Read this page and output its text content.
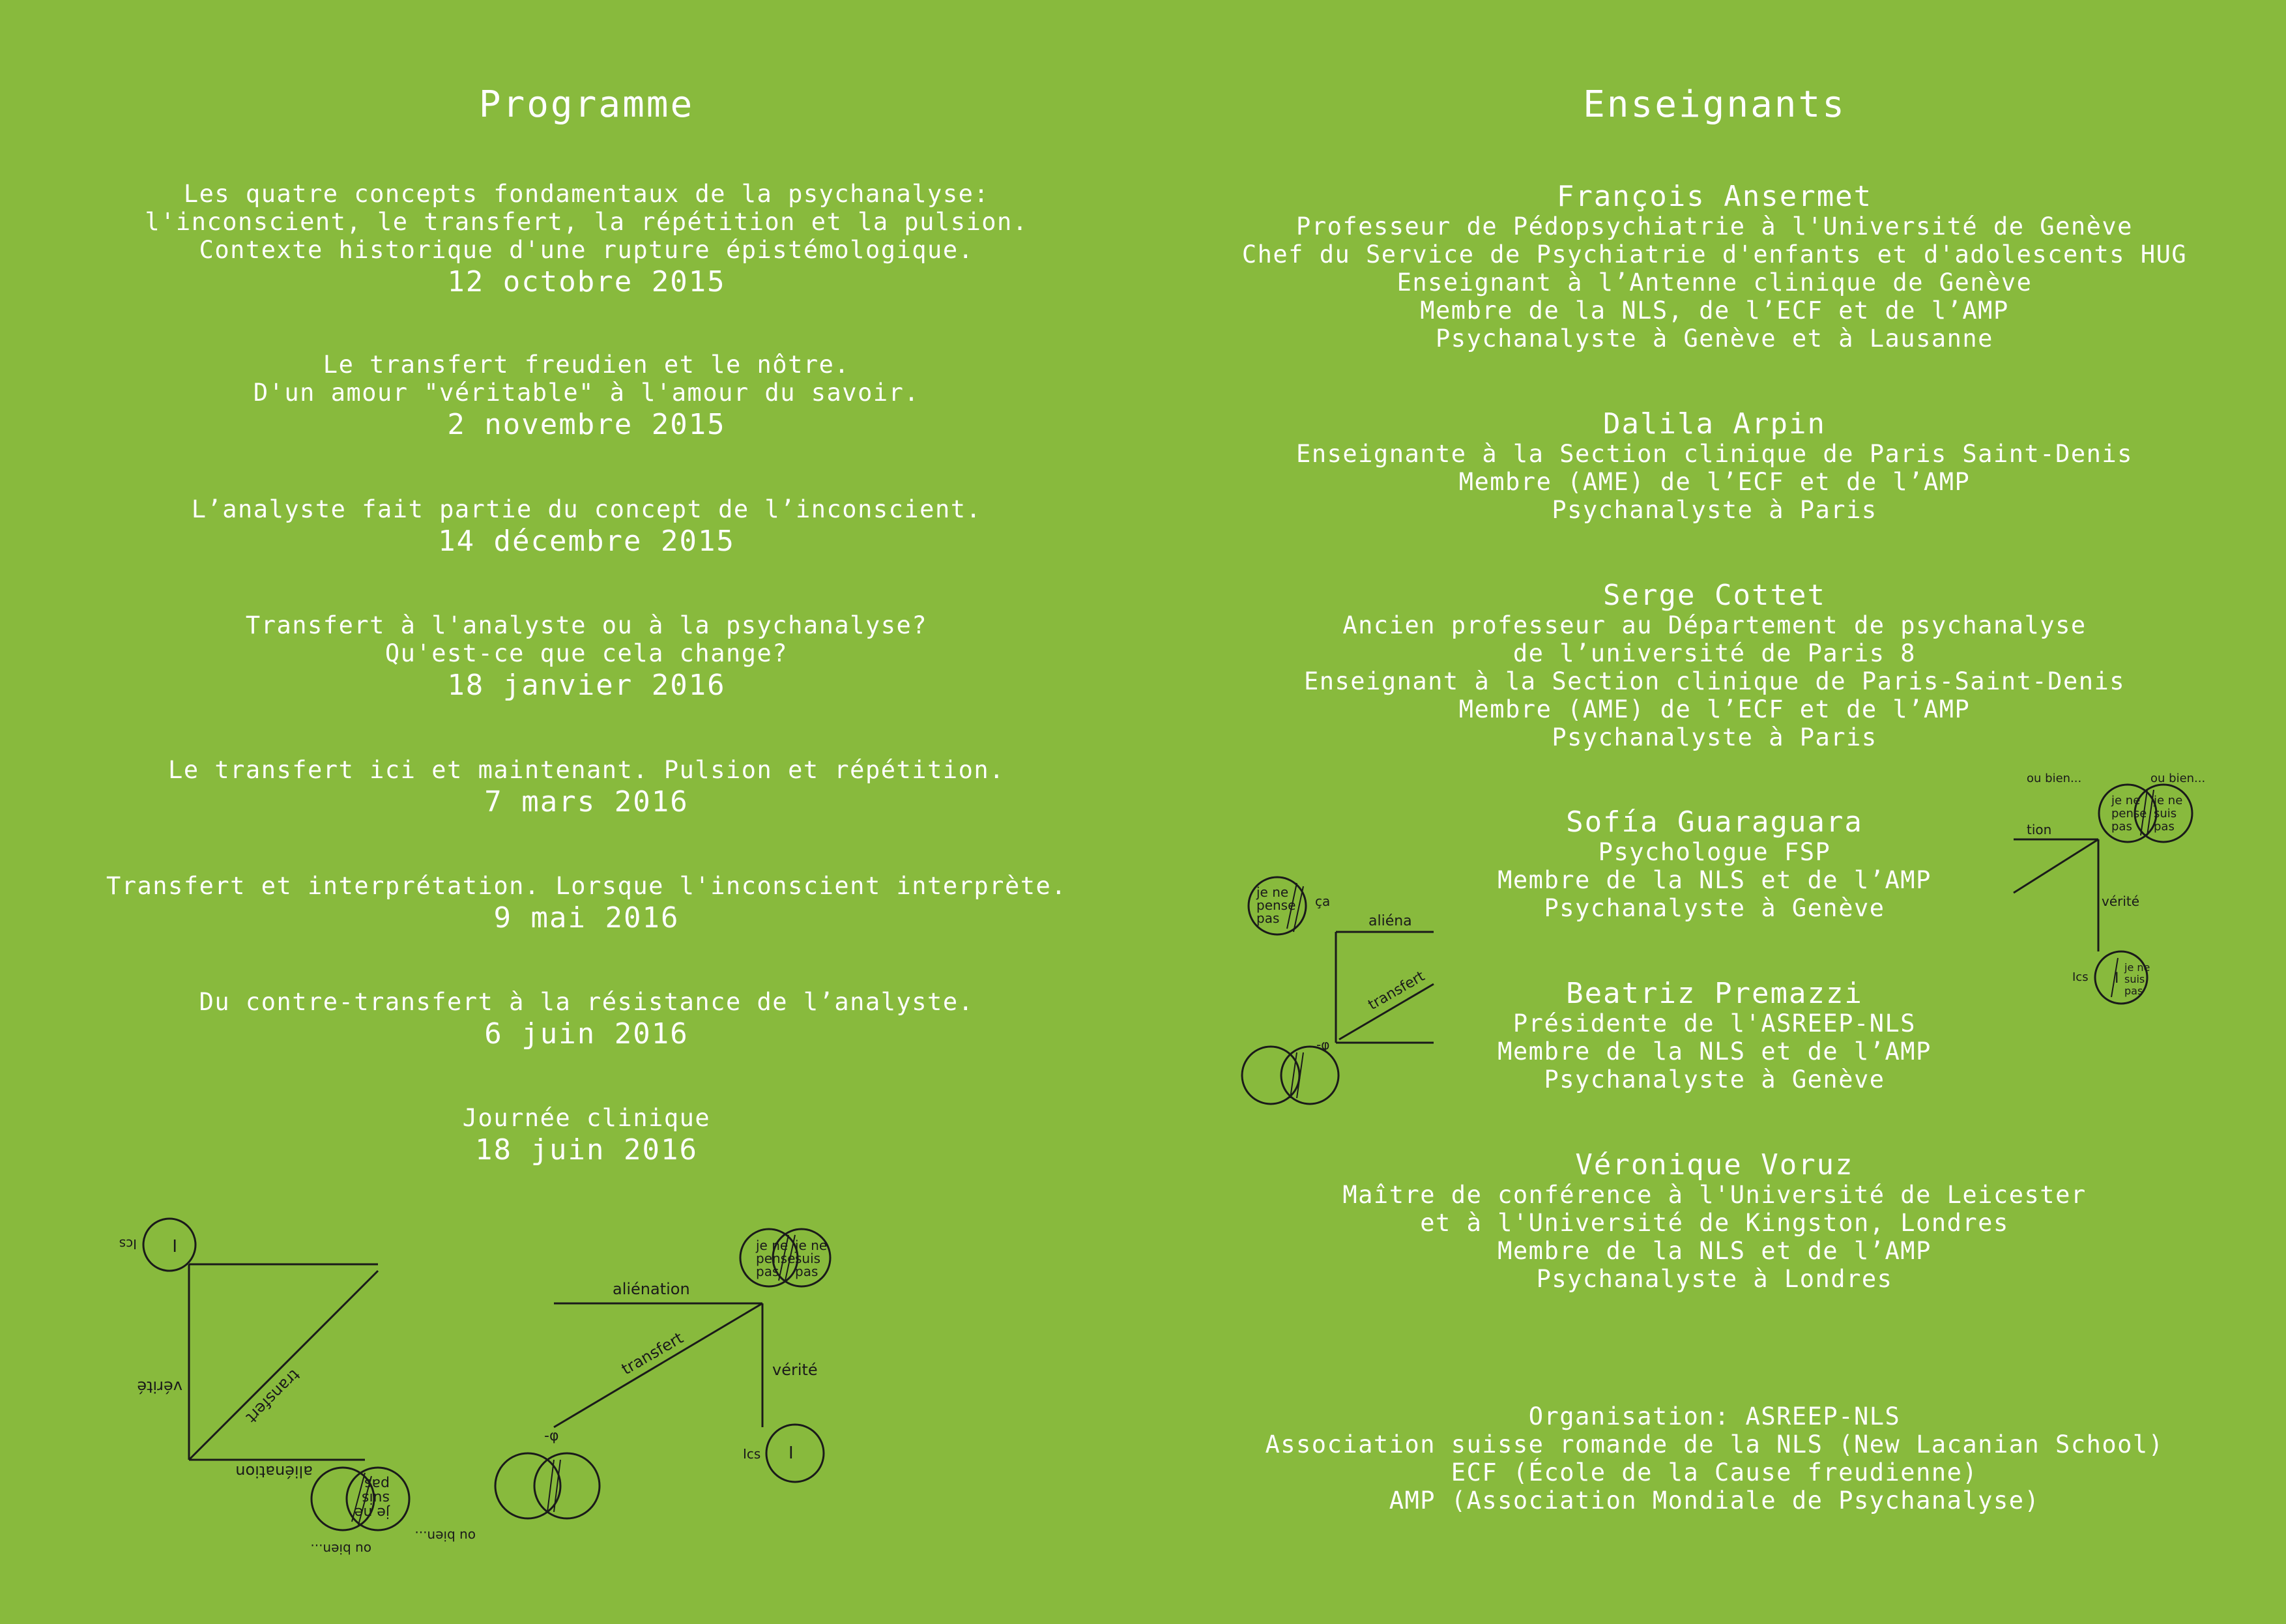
Programme
Les quatre concepts fondamentaux de la psychanalyse:
l'inconscient, le transfert, la répétition et la pulsion.
Contexte historique d'une rupture épistémologique.
12 octobre 2015
Le transfert freudien et le nôtre.
D'un amour "véritable" à l'amour du savoir.
2 novembre 2015
L’analyste fait partie du concept de l’inconscient.
14 décembre 2015
Transfert à l'analyste ou à la psychanalyse?
Qu'est-ce que cela change?
18 janvier 2016
Le transfert ici et maintenant. Pulsion et répétition.
7 mars 2016
Transfert et interprétation. Lorsque l'inconscient interprète.
9 mai 2016
Du contre-transfert à la résistance de l’analyste.
6 juin 2016
Journée clinique
18 juin 2016
Enseignants
François Ansermet
Professeur de Pédopsychiatrie à l'Université de Genève
Chef du Service de Psychiatrie d'enfants et d'adolescents HUG
Enseignant à l’Antenne clinique de Genève
Membre de la NLS, de l’ECF et de l’AMP
Psychanalyste à Genève et à Lausanne
Dalila Arpin
Enseignante à la Section clinique de Paris Saint-Denis
Membre (AME) de l’ECF et de l’AMP
Psychanalyste à Paris
Serge Cottet
Ancien professeur au Département de psychanalyse
de l’université de Paris 8
Enseignant à la Section clinique de Paris-Saint-Denis
Membre (AME) de l’ECF et de l’AMP
Psychanalyste à Paris
Sofía Guaraguara
Psychologue FSP
Membre de la NLS et de l’AMP
Psychanalyste à Genève
Beatriz Premazzi
Présidente de l'ASREEP-NLS
Membre de la NLS et de l’AMP
Psychanalyste à Genève
Véronique Voruz
Maître de conférence à l'Université de Leicester
et à l'Université de Kingston, Londres
Membre de la NLS et de l’AMP
Psychanalyste à Londres
Organisation: ASREEP-NLS
Association suisse romande de la NLS (New Lacanian School)
ECF (École de la Cause freudienne)
AMP (Association Mondiale de Psychanalyse)
je ne
suis
pas
ou bien...
ou bien...
aliénation
transfert
vérité
I
Ics	je ne
pense
pas
je ne
suis
pas
aliénation
transfert	vérité
I
Ics
-φ
je ne
pense
pas
ça
aliéna
transfert
-φ
ou bien...	ou bien...
je ne
pense
pas
je ne
suis
pas
tion
vérité
I
je ne
suis
pas
Ics
